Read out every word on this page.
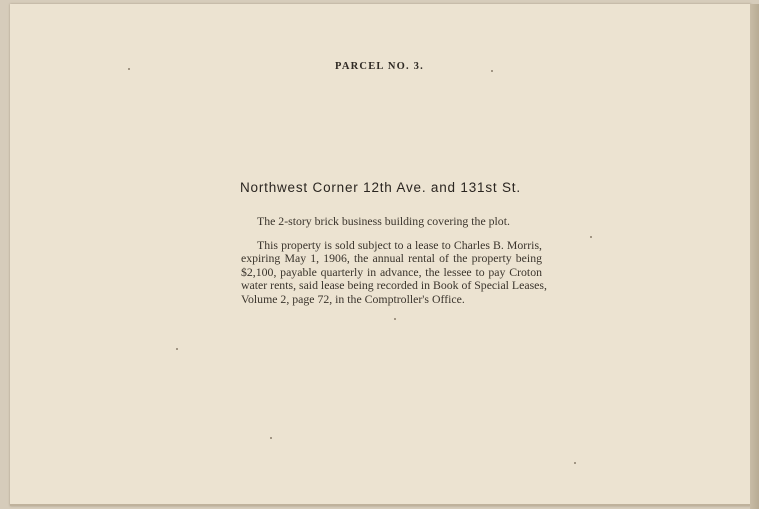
PARCEL NO. 3.
Northwest Corner 12th Ave. and 131st St.
The 2-story brick business building covering the plot.
This property is sold subject to a lease to Charles B. Morris,
expiring May 1, 1906, the annual rental of the property being
$2,100, payable quarterly in advance, the lessee to pay Croton
water rents, said lease being recorded in Book of Special Leases,
Volume 2, page 72, in the Comptroller's Office.
